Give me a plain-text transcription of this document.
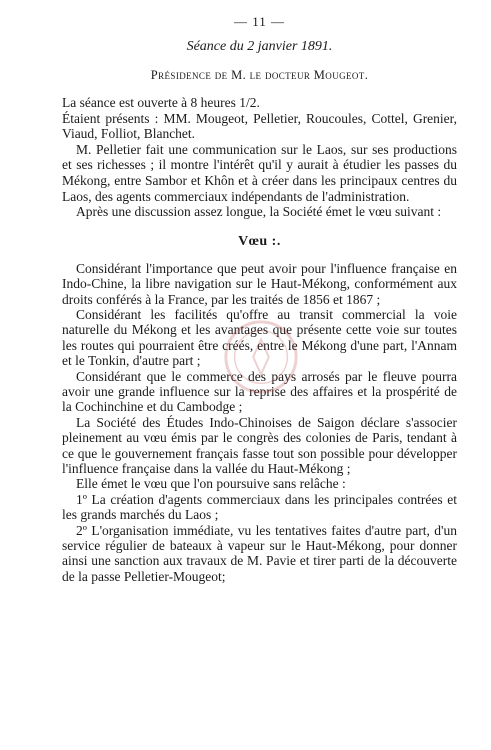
— 11 —
Séance du 2 janvier 1891.
Présidence de M. le docteur Mougeot.

La séance est ouverte à 8 heures 1/2.

Étaient présents : MM. Mougeot, Pelletier, Roucoules, Cottel, Grenier, Viaud, Folliot, Blanchet.

M. Pelletier fait une communication sur le Laos, sur ses productions et ses richesses ; il montre l'intérêt qu'il y aurait à étudier les passes du Mékong, entre Sambor et Khôn et à créer dans les principaux centres du Laos, des agents commerciaux indépendants de l'administration.

Après une discussion assez longue, la Société émet le vœu suivant :

Vœu :.

Considérant l'importance que peut avoir pour l'influence française en Indo-Chine, la libre navigation sur le Haut-Mékong, conformément aux droits conférés à la France, par les traités de 1856 et 1867 ;

Considérant les facilités qu'offre au transit commercial la voie naturelle du Mékong et les avantages que présente cette voie sur toutes les routes qui pourraient être créés, entre le Mékong d'une part, l'Annam et le Tonkin, d'autre part ;

Considérant que le commerce des pays arrosés par le fleuve pourra avoir une grande influence sur la reprise des affaires et la prospérité de la Cochinchine et du Cambodge ;

La Société des Études Indo-Chinoises de Saigon déclare s'associer pleinement au vœu émis par le congrès des colonies de Paris, tendant à ce que le gouvernement français fasse tout son possible pour développer l'influence française dans la vallée du Haut-Mékong ;

Elle émet le vœu que l'on poursuive sans relâche :

1º La création d'agents commerciaux dans les principales contrées et les grands marchés du Laos ;

2º L'organisation immédiate, vu les tentatives faites d'autre part, d'un service régulier de bateaux à vapeur sur le Haut-Mékong, pour donner ainsi une sanction aux travaux de M. Pavie et tirer parti de la découverte de la passe Pelletier-Mougeot;
